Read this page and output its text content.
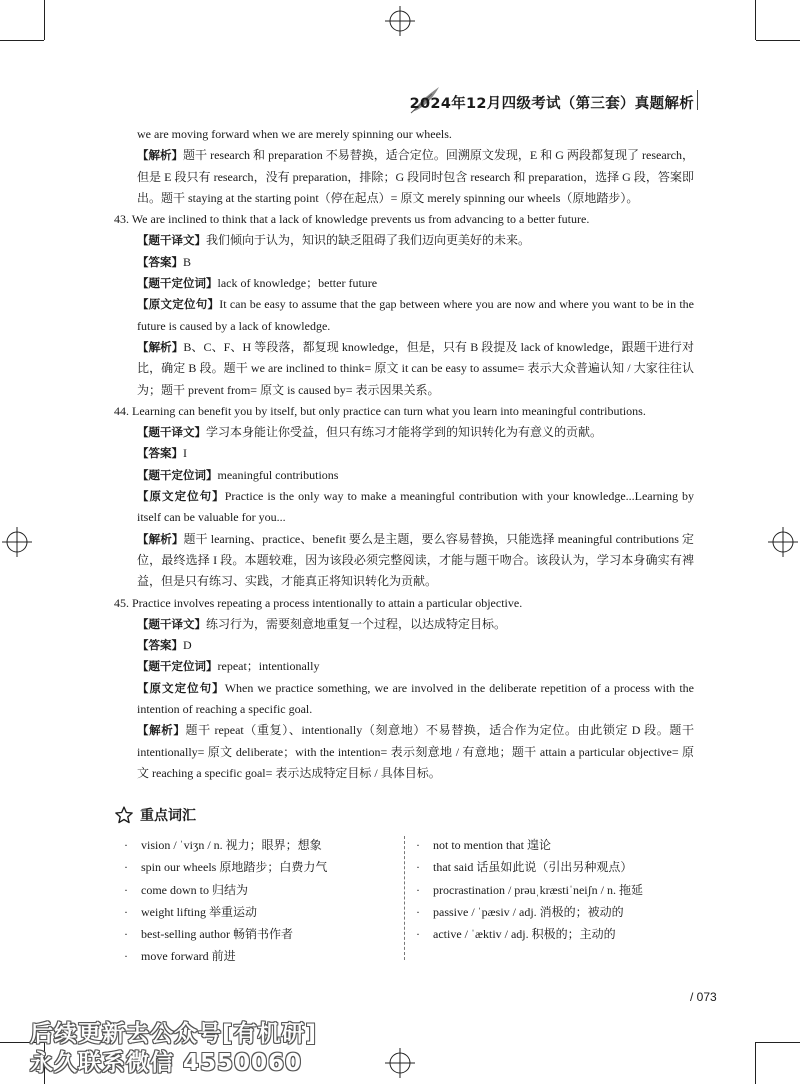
2024年12月四级考试（第三套）真题解析

we are moving forward when we are merely spinning our wheels.

【解析】题干 research 和 preparation 不易替换，适合定位。回溯原文发现，E 和 G 两段都复现了 research，但是 E 段只有 research，没有 preparation，排除；G 段同时包含 research 和 preparation，选择 G 段，答案即出。题干 staying at the starting point（停在起点）= 原文 merely spinning our wheels（原地踏步）。

43. We are inclined to think that a lack of knowledge prevents us from advancing to a better future.

【题干译文】我们倾向于认为，知识的缺乏阻碍了我们迈向更美好的未来。

【答案】B

【题干定位词】lack of knowledge；better future

【原文定位句】It can be easy to assume that the gap between where you are now and where you want to be in the future is caused by a lack of knowledge.

【解析】B、C、F、H 等段落，都复现 knowledge，但是，只有 B 段提及 lack of knowledge，跟题干进行对比，确定 B 段。题干 we are inclined to think= 原文 it can be easy to assume= 表示大众普遍认知 / 大家往往认为；题干 prevent from= 原文 is caused by= 表示因果关系。

44. Learning can benefit you by itself, but only practice can turn what you learn into meaningful contributions.

【题干译文】学习本身能让你受益，但只有练习才能将学到的知识转化为有意义的贡献。

【答案】I

【题干定位词】meaningful contributions

【原文定位句】Practice is the only way to make a meaningful contribution with your knowledge...Learning by itself can be valuable for you...

【解析】题干 learning、practice、benefit 要么是主题，要么容易替换，只能选择 meaningful contributions 定位，最终选择 I 段。本题较难，因为该段必须完整阅读，才能与题干吻合。该段认为，学习本身确实有裨益，但是只有练习、实践，才能真正将知识转化为贡献。

45. Practice involves repeating a process intentionally to attain a particular objective.

【题干译文】练习行为，需要刻意地重复一个过程，以达成特定目标。

【答案】D

【题干定位词】repeat；intentionally

【原文定位句】When we practice something, we are involved in the deliberate repetition of a process with the intention of reaching a specific goal.

【解析】题干 repeat（重复）、intentionally（刻意地）不易替换，适合作为定位。由此锁定 D 段。题干 intentionally= 原文 deliberate；with the intention= 表示刻意地 / 有意地；题干 attain a particular objective= 原文 reaching a specific goal= 表示达成特定目标 / 具体目标。

重点词汇
· vision / ˈviʒn / n. 视力；眼界；想象
· spin our wheels 原地踏步；白费力气
· come down to 归结为
· weight lifting 举重运动
· best-selling author 畅销书作者
· move forward 前进
· not to mention that 遑论
· that said 话虽如此说（引出另种观点）
· procrastination / prəuˌkræstiˈneiʃn / n. 拖延
· passive / ˈpæsiv / adj. 消极的；被动的
· active / ˈæktiv / adj. 积极的；主动的
/ 073
后续更新去公众号[有机研]
永久联系微信 4550060
